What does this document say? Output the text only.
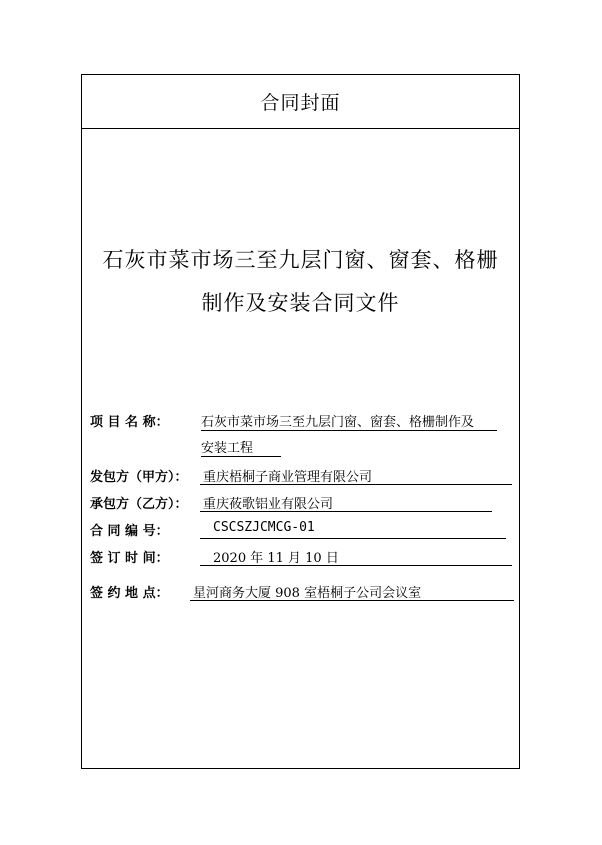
合同封面
石灰市菜市场三至九层门窗、窗套、格栅
制作及安装合同文件
项 目 名 称： 石灰市菜市场三至九层门窗、窗套、格栅制作及
安装工程
发包方（甲方）： 重庆梧桐子商业管理有限公司
承包方（乙方）： 重庆莜歌铝业有限公司
合 同 编 号：	CSCSZJCMCG-01
签 订 时 间：	2020 年 11 月 10 日
签 约 地 点： 星河商务大厦 908 室梧桐子公司会议室
